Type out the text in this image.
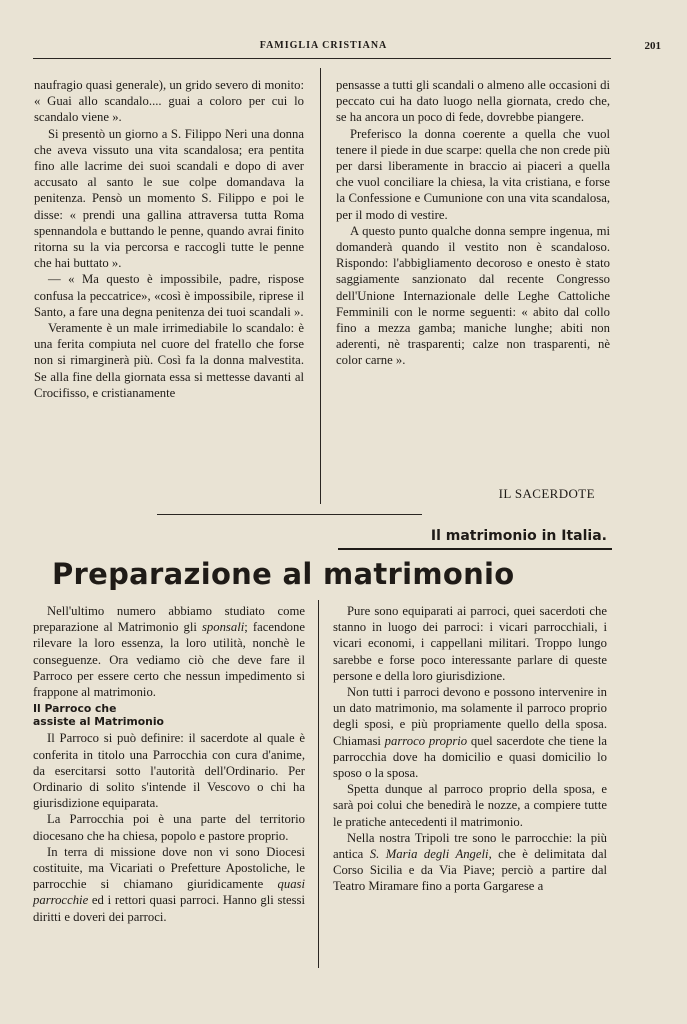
FAMIGLIA CRISTIANA	201

naufragio quasi generale), un grido severo di monito: « Guai allo scandalo.... guai a coloro per cui lo scandalo viene ».

Si presentò un giorno a S. Filippo Neri una donna che aveva vissuto una vita scandalosa; era pentita fino alle lacrime dei suoi scandali e dopo di aver accusato al santo le sue colpe domandava la penitenza. Pensò un momento S. Filippo e poi le disse: « prendi una gallina attraversa tutta Roma spennandola e buttando le penne, quando avrai finito ritorna su la via percorsa e raccogli tutte le penne che hai buttato ».

— « Ma questo è impossibile, padre, rispose confusa la peccatrice», «così è impossibile, riprese il Santo, a fare una degna penitenza dei tuoi scandali ».

Veramente è un male irrimediabile lo scandalo: è una ferita compiuta nel cuore del fratello che forse non si rimarginerà più. Così fa la donna malvestita. Se alla fine della giornata essa si mettesse davanti al Crocifisso, e cristianamente

pensasse a tutti gli scandali o almeno alle occasioni di peccato cui ha dato luogo nella giornata, credo che, se ha ancora un poco di fede, dovrebbe piangere.

Preferisco la donna coerente a quella che vuol tenere il piede in due scarpe: quella che non crede più per darsi liberamente in braccio ai piaceri a quella che vuol conciliare la chiesa, la vita cristiana, e forse la Confessione e Cumunione con una vita scandalosa, per il modo di vestire.

A questo punto qualche donna sempre ingenua, mi domanderà quando il vestito non è scandaloso. Rispondo: l'abbigliamento decoroso e onesto è stato saggiamente sanzionato dal recente Congresso dell'Unione Internazionale delle Leghe Cattoliche Femminili con le norme seguenti: « abito dal collo fino a mezza gamba; maniche lunghe; abiti non aderenti, nè trasparenti; calze non trasparenti, nè color carne ».

IL SACERDOTE
Il matrimonio in Italia.
Preparazione al matrimonio

Nell'ultimo numero abbiamo studiato come preparazione al Matrimonio gli sponsali; facendone rilevare la loro essenza, la loro utilità, nonchè le conseguenze. Ora vediamo ciò che deve fare il Parroco per essere certo che nessun impedimento si frappone al matrimonio.

Il Parroco che
assiste al Matrimonio

Il Parroco si può definire: il sacerdote al quale è conferita in titolo una Parrocchia con cura d'anime, da esercitarsi sotto l'autorità dell'Ordinario. Per Ordinario di solito s'intende il Vescovo o chi ha giurisdizione equiparata.

La Parrocchia poi è una parte del territorio diocesano che ha chiesa, popolo e pastore proprio.

In terra di missione dove non vi sono Diocesi costituite, ma Vicariati o Prefetture Apostoliche, le parrocchie si chiamano giuridicamente quasi parrocchie ed i rettori quasi parroci. Hanno gli stessi diritti e doveri dei parroci.

Pure sono equiparati ai parroci, quei sacerdoti che stanno in luogo dei parroci: i vicari parrocchiali, i vicari economi, i cappellani militari. Troppo lungo sarebbe e forse poco interessante parlare di queste persone e della loro giurisdizione.

Non tutti i parroci devono e possono intervenire in un dato matrimonio, ma solamente il parroco proprio degli sposi, e più propriamente quello della sposa. Chiamasi parroco proprio quel sacerdote che tiene la parrocchia dove ha domicilio e quasi domicilio lo sposo o la sposa.

Spetta dunque al parroco proprio della sposa, e sarà poi colui che benedirà le nozze, a compiere tutte le pratiche antecedenti il matrimonio.

Nella nostra Tripoli tre sono le parrocchie: la più antica S. Maria degli Angeli, che è delimitata dal Corso Sicilia e da Via Piave; perciò a partire dal Teatro Miramare fino a porta Gargarese a
